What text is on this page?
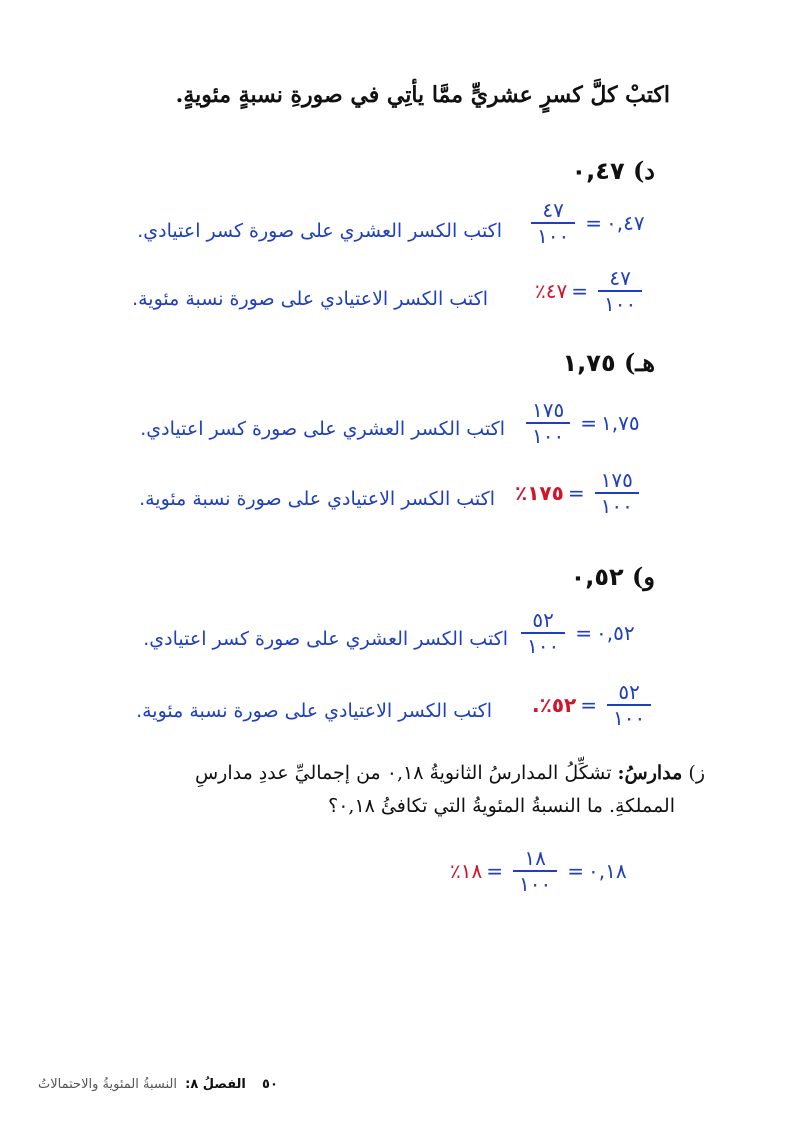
اكتبْ كلَّ كسرٍ عشريٍّ ممَّا يأتِي في صورةِ نسبةٍ مئويةٍ.
د) ٠,٤٧
اكتب الكسر العشري على صورة كسر اعتيادي. $\frac{٤٧}{١٠٠}$ = ٠,٤٧
اكتب الكسر الاعتيادي على صورة نسبة مئوية. ٪٤٧ = $\frac{٤٧}{١٠٠}$
هـ) ١,٧٥
اكتب الكسر العشري على صورة كسر اعتيادي. $\frac{١٧٥}{١٠٠}$ = ١,٧٥
اكتب الكسر الاعتيادي على صورة نسبة مئوية. ٪١٧٥ = $\frac{١٧٥}{١٠٠}$
و) ٠,٥٢
اكتب الكسر العشري على صورة كسر اعتيادي. $\frac{٥٢}{١٠٠}$ = ٠,٥٢
اكتب الكسر الاعتيادي على صورة نسبة مئوية. .٪٥٢ = $\frac{٥٢}{١٠٠}$
ز) مدارسُ: تشكِّلُ المدارسُ الثانويةُ ٠,١٨ من إجماليِّ عددِ مدارسِ
المملكةِ. ما النسبةُ المئويةُ التي تكافئُ ٠,١٨؟
٪١٨ = $\frac{١٨}{١٠٠}$ = ٠,١٨
النسبةُ المئويةُ والاحتمالاتُ الفصلُ ٨: ٥٠
